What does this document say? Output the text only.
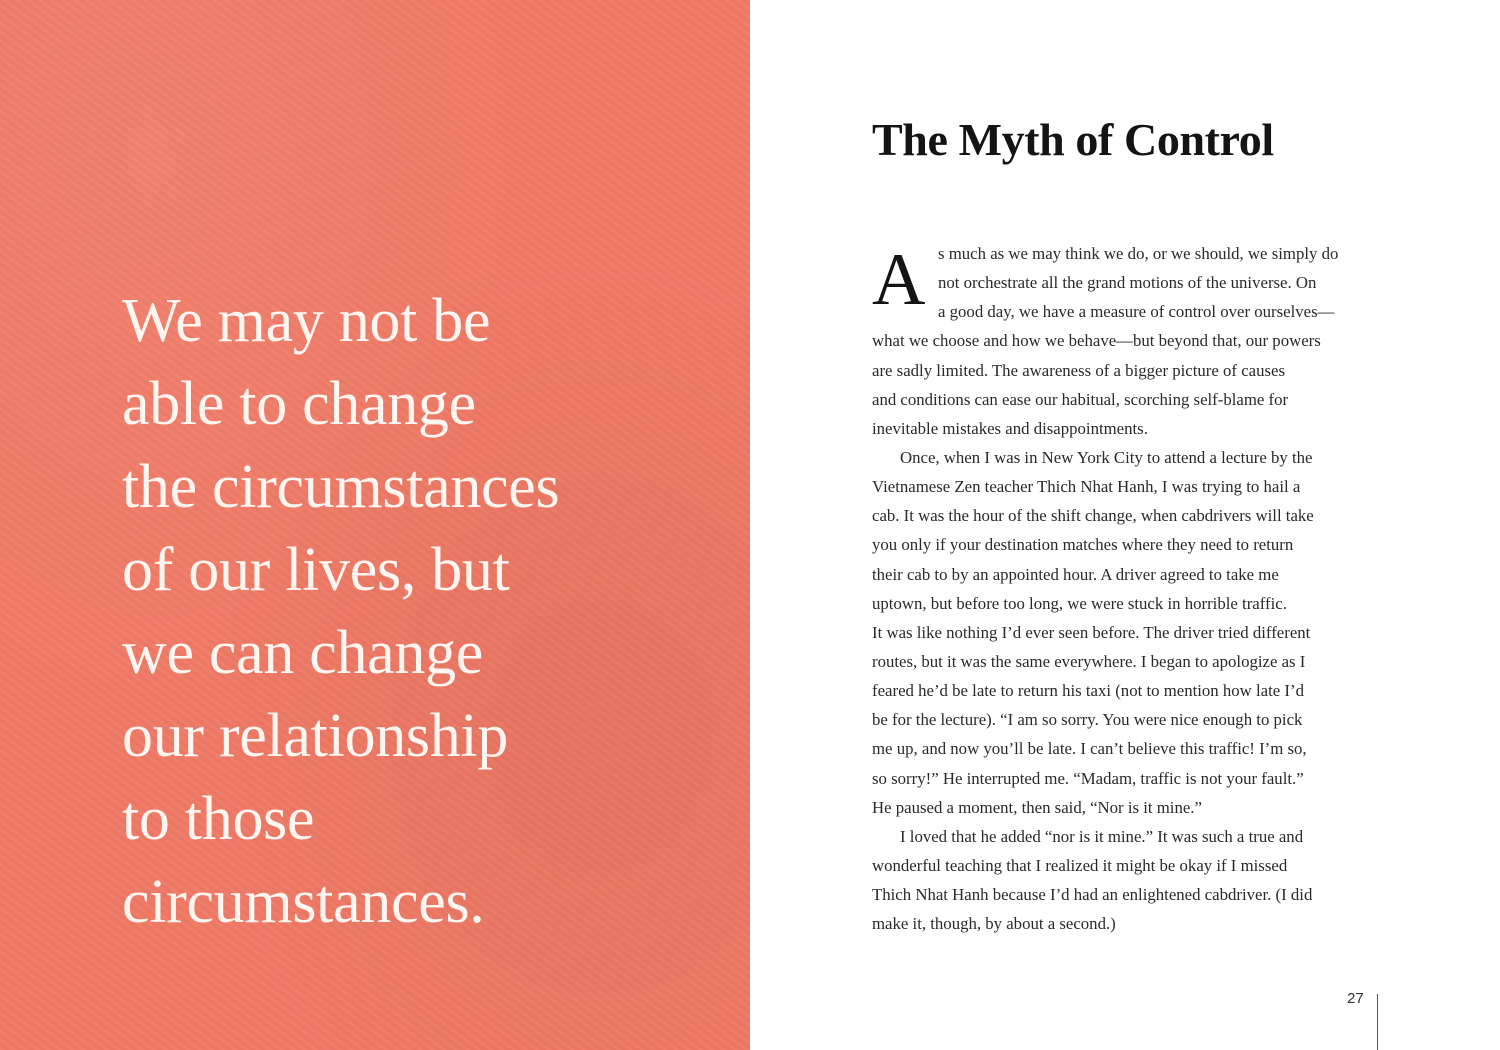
We may not be
able to change
the circumstances
of our lives, but
we can change
our relationship
to those
circumstances.
The Myth of Control
A s much as we may think we do, or we should, we simply do
not orchestrate all the grand motions of the universe. On
a good day, we have a measure of control over ourselves—
what we choose and how we behave—but beyond that, our powers
are sadly limited. The awareness of a bigger picture of causes
and conditions can ease our habitual, scorching self-blame for
inevitable mistakes and disappointments.
Once, when I was in New York City to attend a lecture by the
Vietnamese Zen teacher Thich Nhat Hanh, I was trying to hail a
cab. It was the hour of the shift change, when cabdrivers will take
you only if your destination matches where they need to return
their cab to by an appointed hour. A driver agreed to take me
uptown, but before too long, we were stuck in horrible traffic.
It was like nothing I’d ever seen before. The driver tried different
routes, but it was the same everywhere. I began to apologize as I
feared he’d be late to return his taxi (not to mention how late I’d
be for the lecture). “I am so sorry. You were nice enough to pick
me up, and now you’ll be late. I can’t believe this traffic! I’m so,
so sorry!” He interrupted me. “Madam, traffic is not your fault.”
He paused a moment, then said, “Nor is it mine.”
I loved that he added “nor is it mine.” It was such a true and
wonderful teaching that I realized it might be okay if I missed
Thich Nhat Hanh because I’d had an enlightened cabdriver. (I did
make it, though, by about a second.)
27
